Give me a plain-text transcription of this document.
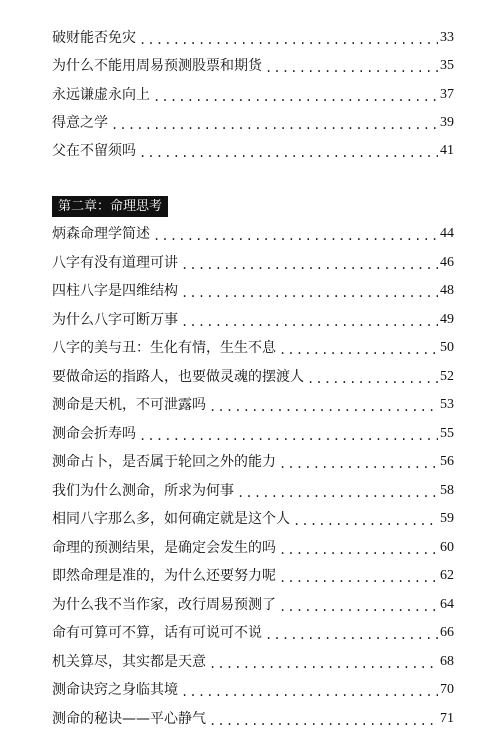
破财能否免灾 .....	33
为什么不能用周易预测股票和期货 .....	35
永远谦虚永向上 .....	37
得意之学 .....	39
父在不留须吗 .....	41
第二章：命理思考
炳森命理学简述 .....	44
八字有没有道理可讲 .....	46
四柱八字是四维结构 .....	48
为什么八字可断万事 .....	49
八字的美与丑：生化有情，生生不息 .....	50
要做命运的指路人，也要做灵魂的摆渡人 .....	52
测命是天机，不可泄露吗 .....	53
测命会折寿吗 .....	55
测命占卜，是否属于轮回之外的能力 .....	56
我们为什么测命，所求为何事 .....	58
相同八字那么多，如何确定就是这个人 .....	59
命理的预测结果，是确定会发生的吗 .....	60
即然命理是准的，为什么还要努力呢 .....	62
为什么我不当作家，改行周易预测了 .....	64
命有可算可不算，话有可说可不说 .....	66
机关算尽，其实都是天意 .....	68
测命诀窍之身临其境 .....	70
测命的秘诀——平心静气 .....	71
